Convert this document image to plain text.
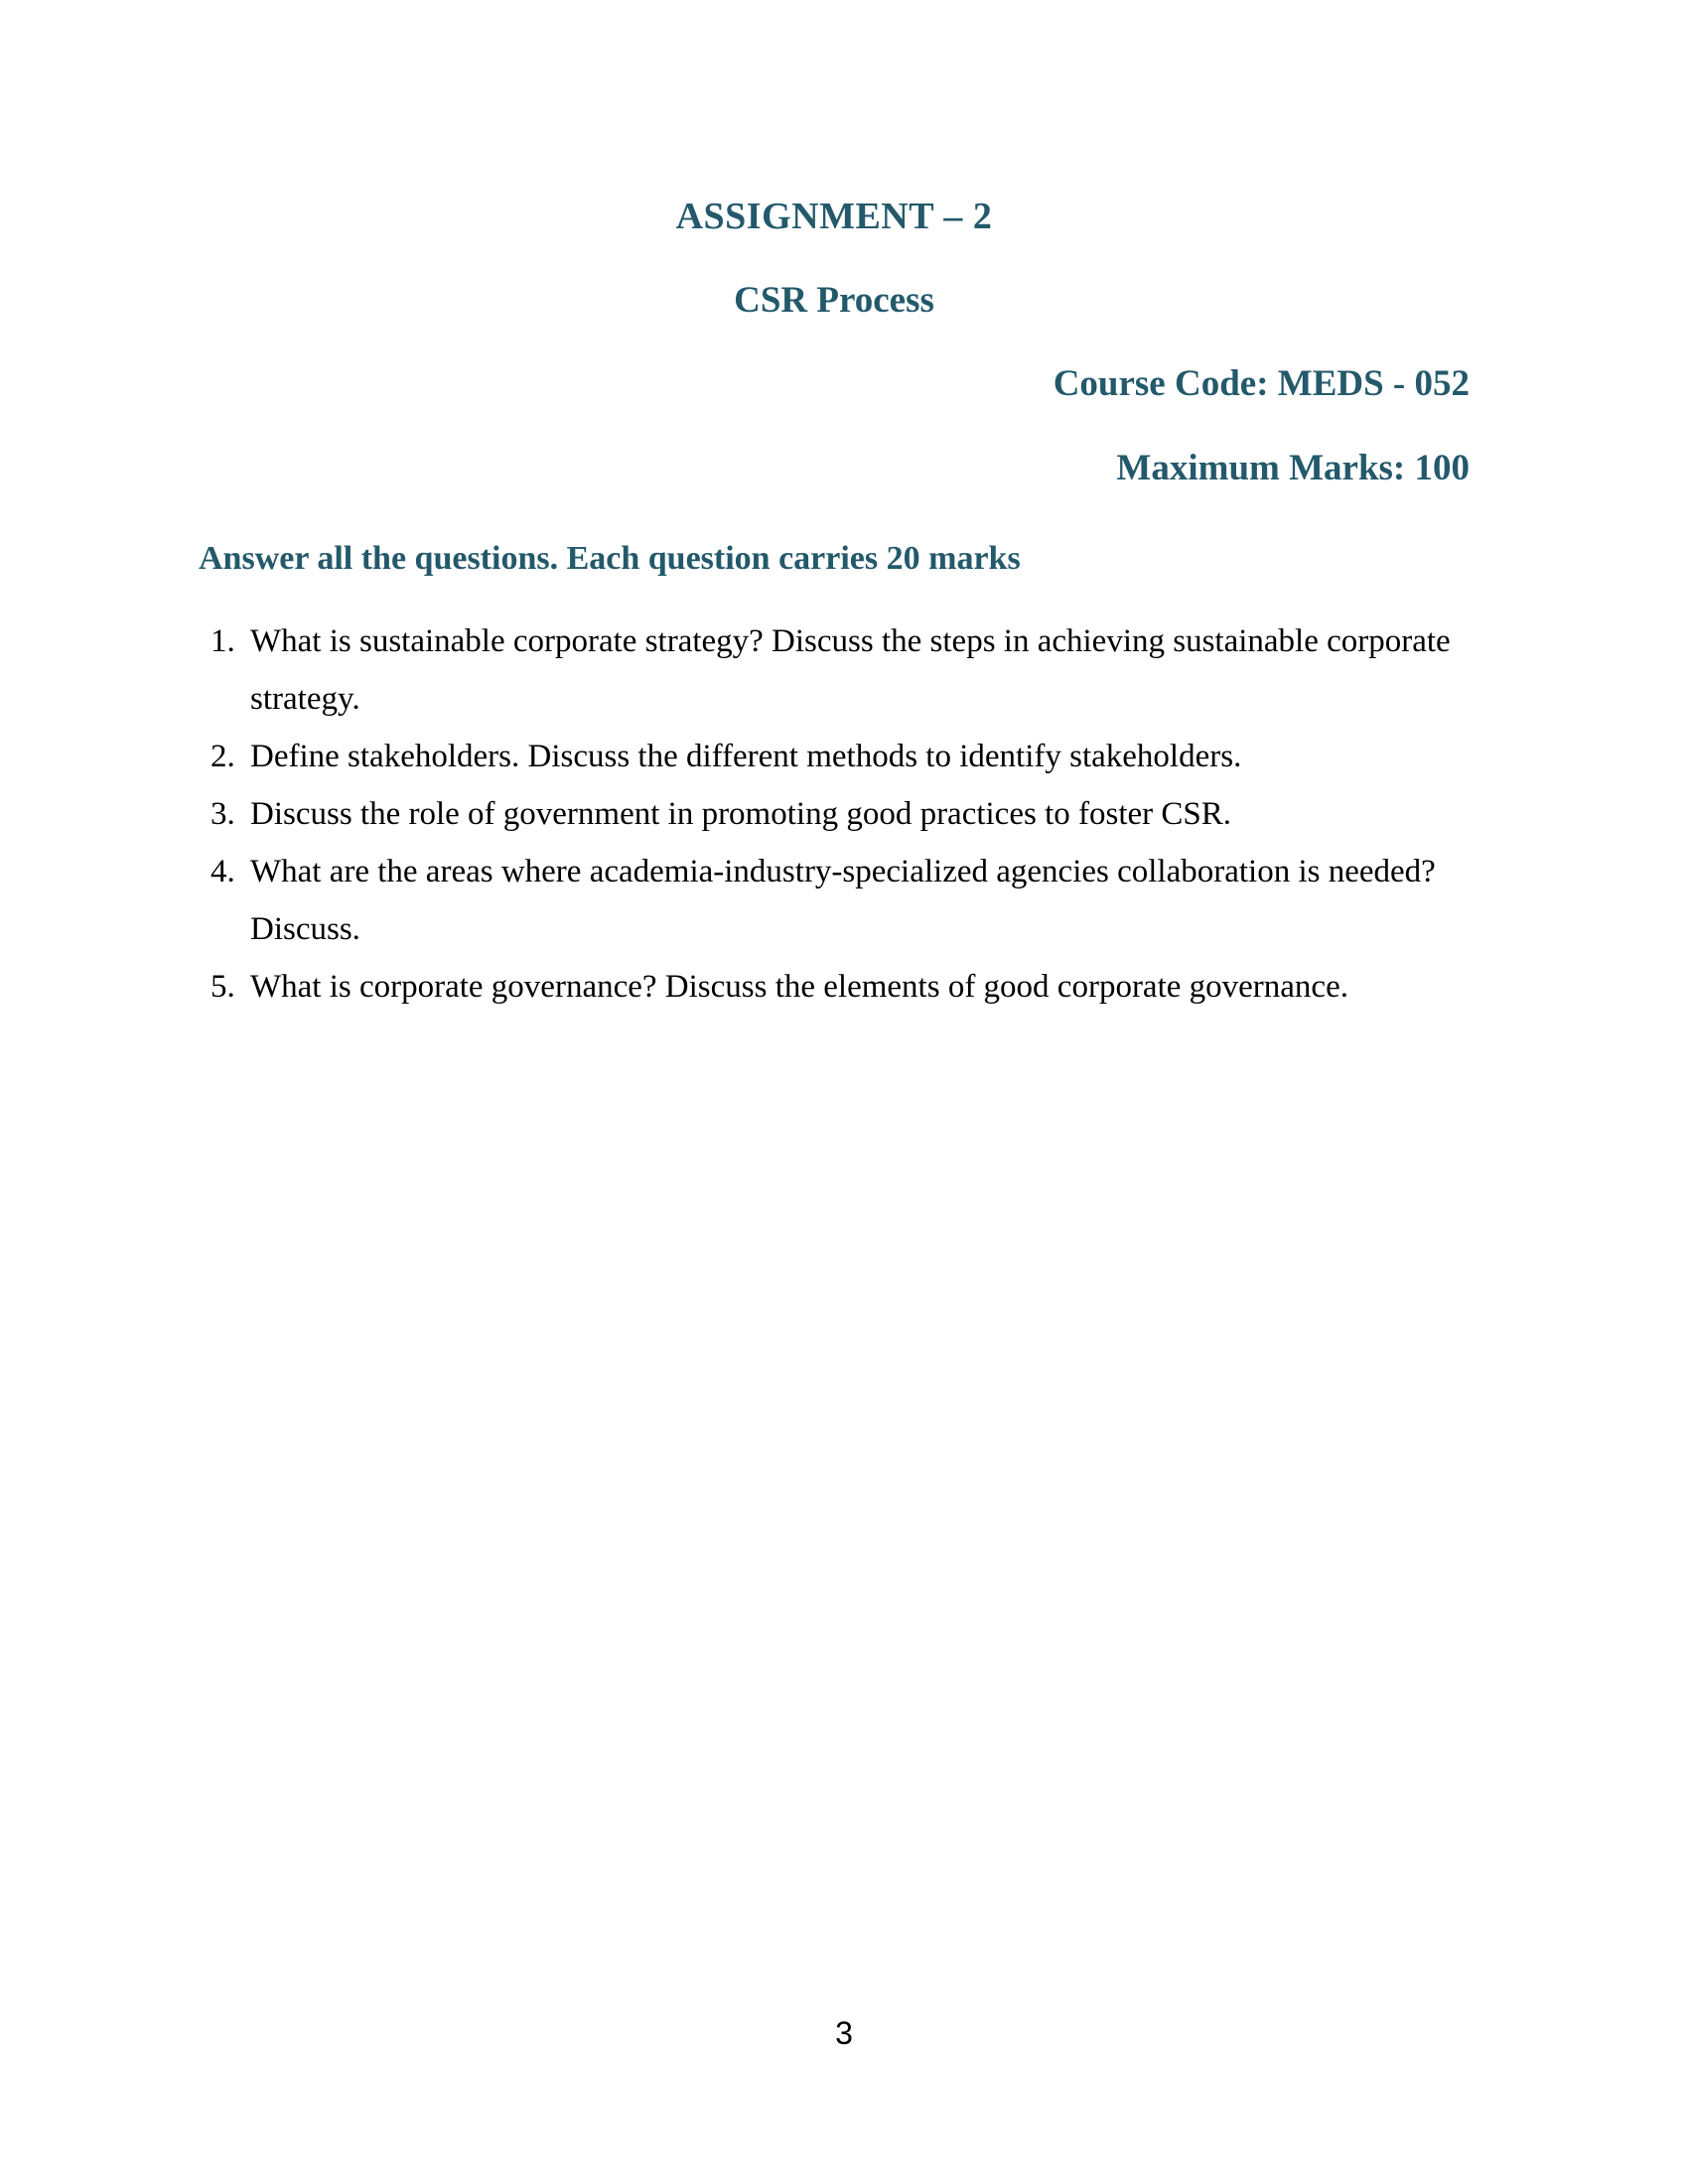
ASSIGNMENT – 2
CSR Process
Course Code: MEDS - 052
Maximum Marks: 100
Answer all the questions. Each question carries 20 marks
1. What is sustainable corporate strategy? Discuss the steps in achieving sustainable corporate
strategy.
2. Define stakeholders. Discuss the different methods to identify stakeholders.
3. Discuss the role of government in promoting good practices to foster CSR.
4. What are the areas where academia-industry-specialized agencies collaboration is needed?
Discuss.
5. What is corporate governance? Discuss the elements of good corporate governance.
3
